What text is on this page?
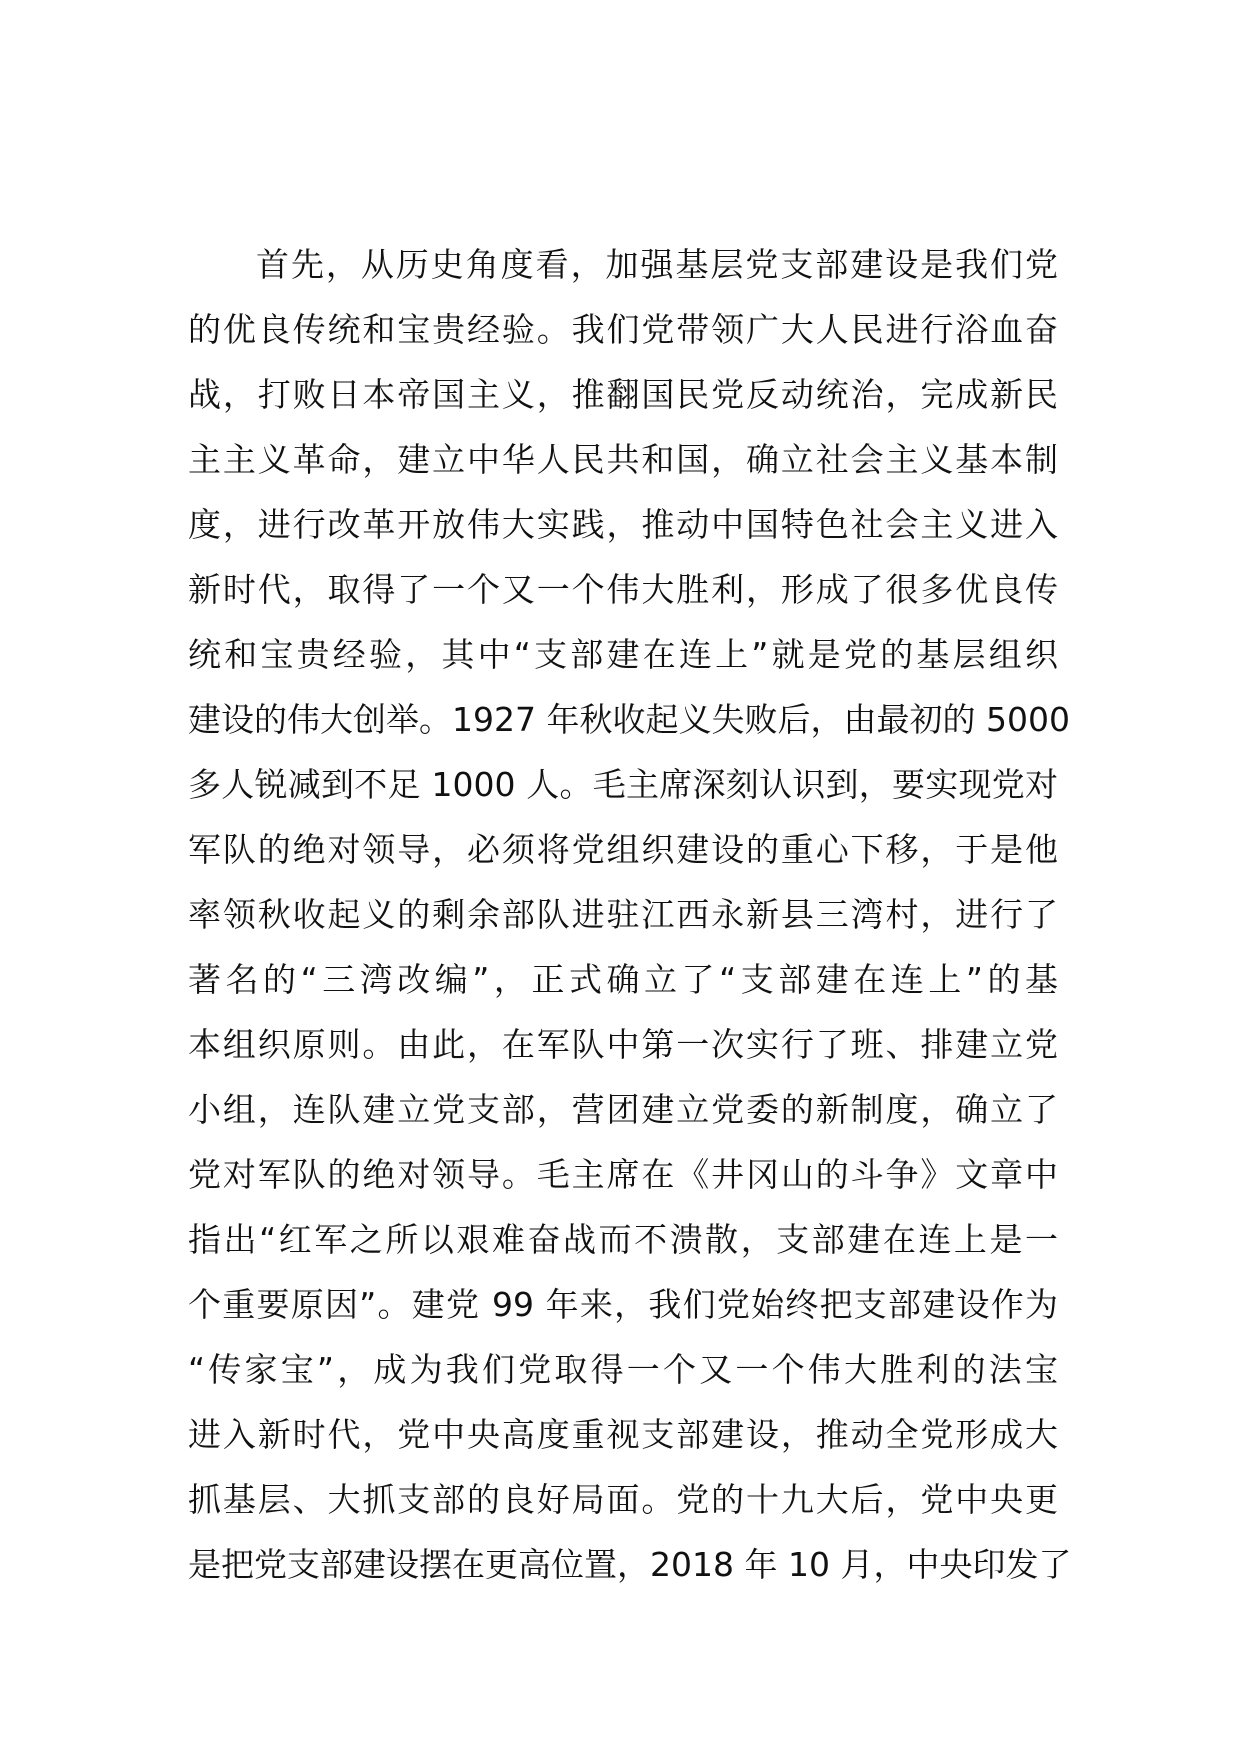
首先，从历史角度看，加强基层党支部建设是我们党
的优良传统和宝贵经验。我们党带领广大人民进行浴血奋
战，打败日本帝国主义，推翻国民党反动统治，完成新民
主主义革命，建立中华人民共和国，确立社会主义基本制
度，进行改革开放伟大实践，推动中国特色社会主义进入
新时代，取得了一个又一个伟大胜利，形成了很多优良传
统和宝贵经验，其中“支部建在连上”就是党的基层组织
建设的伟大创举。1927 年秋收起义失败后，由最初的 5000
多人锐减到不足 1000 人。毛主席深刻认识到，要实现党对
军队的绝对领导，必须将党组织建设的重心下移，于是他
率领秋收起义的剩余部队进驻江西永新县三湾村，进行了
著名的“三湾改编”，正式确立了“支部建在连上”的基
本组织原则。由此，在军队中第一次实行了班、排建立党
小组，连队建立党支部，营团建立党委的新制度，确立了
党对军队的绝对领导。毛主席在《井冈山的斗争》文章中
指出“红军之所以艰难奋战而不溃散，支部建在连上是一
个重要原因”。建党 99 年来，我们党始终把支部建设作为
“传家宝”，成为我们党取得一个又一个伟大胜利的法宝
进入新时代，党中央高度重视支部建设，推动全党形成大
抓基层、大抓支部的良好局面。党的十九大后，党中央更
是把党支部建设摆在更高位置，2018 年 10 月，中央印发了
